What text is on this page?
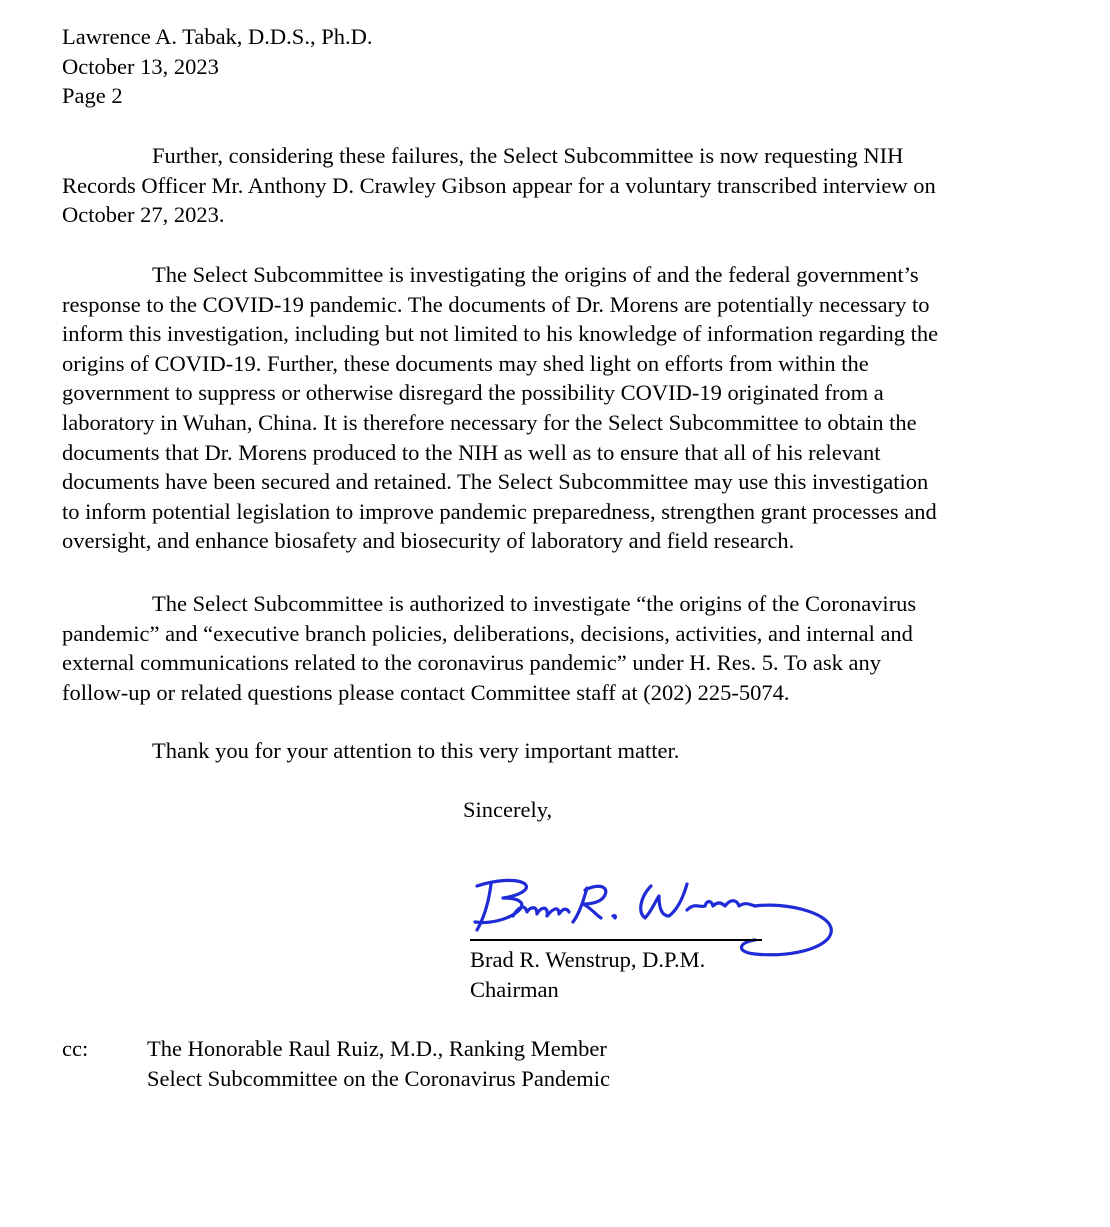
Lawrence A. Tabak, D.D.S., Ph.D.
October 13, 2023
Page 2
Further, considering these failures, the Select Subcommittee is now requesting NIH
Records Officer Mr. Anthony D. Crawley Gibson appear for a voluntary transcribed interview on
October 27, 2023.
The Select Subcommittee is investigating the origins of and the federal government’s
response to the COVID-19 pandemic. The documents of Dr. Morens are potentially necessary to
inform this investigation, including but not limited to his knowledge of information regarding the
origins of COVID-19. Further, these documents may shed light on efforts from within the
government to suppress or otherwise disregard the possibility COVID-19 originated from a
laboratory in Wuhan, China. It is therefore necessary for the Select Subcommittee to obtain the
documents that Dr. Morens produced to the NIH as well as to ensure that all of his relevant
documents have been secured and retained. The Select Subcommittee may use this investigation
to inform potential legislation to improve pandemic preparedness, strengthen grant processes and
oversight, and enhance biosafety and biosecurity of laboratory and field research.
The Select Subcommittee is authorized to investigate “the origins of the Coronavirus
pandemic” and “executive branch policies, deliberations, decisions, activities, and internal and
external communications related to the coronavirus pandemic” under H. Res. 5. To ask any
follow-up or related questions please contact Committee staff at (202) 225-5074.
Thank you for your attention to this very important matter.
Sincerely,
Brad R. Wenstrup, D.P.M.
Chairman
cc:	The Honorable Raul Ruiz, M.D., Ranking Member
Select Subcommittee on the Coronavirus Pandemic
